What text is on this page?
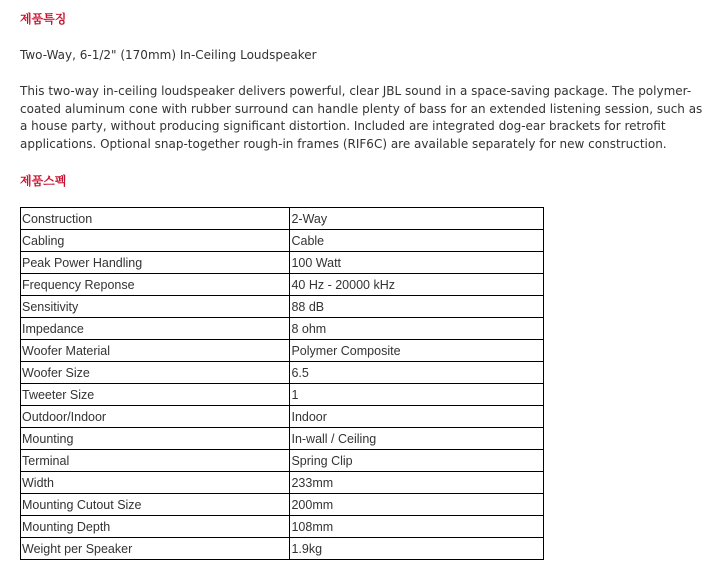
제품특징

Two-Way, 6-1/2" (170mm) In-Ceiling Loudspeaker

This two-way in-ceiling loudspeaker delivers powerful, clear JBL sound in a space-saving package. The polymer-coated aluminum cone with rubber surround can handle plenty of bass for an extended listening session, such as a house party, without producing significant distortion. Included are integrated dog-ear brackets for retrofit applications. Optional snap-together rough-in frames (RIF6C) are available separately for new construction.

제품스펙
Construction	2-Way
Cabling	Cable
Peak Power Handling	100 Watt
Frequency Reponse	40 Hz - 20000 kHz
Sensitivity	88 dB
Impedance	8 ohm
Woofer Material	Polymer Composite
Woofer Size	6.5
Tweeter Size	1
Outdoor/Indoor	Indoor
Mounting	In-wall / Ceiling
Terminal	Spring Clip
Width	233mm
Mounting Cutout Size	200mm
Mounting Depth	108mm
Weight per Speaker	1.9kg
